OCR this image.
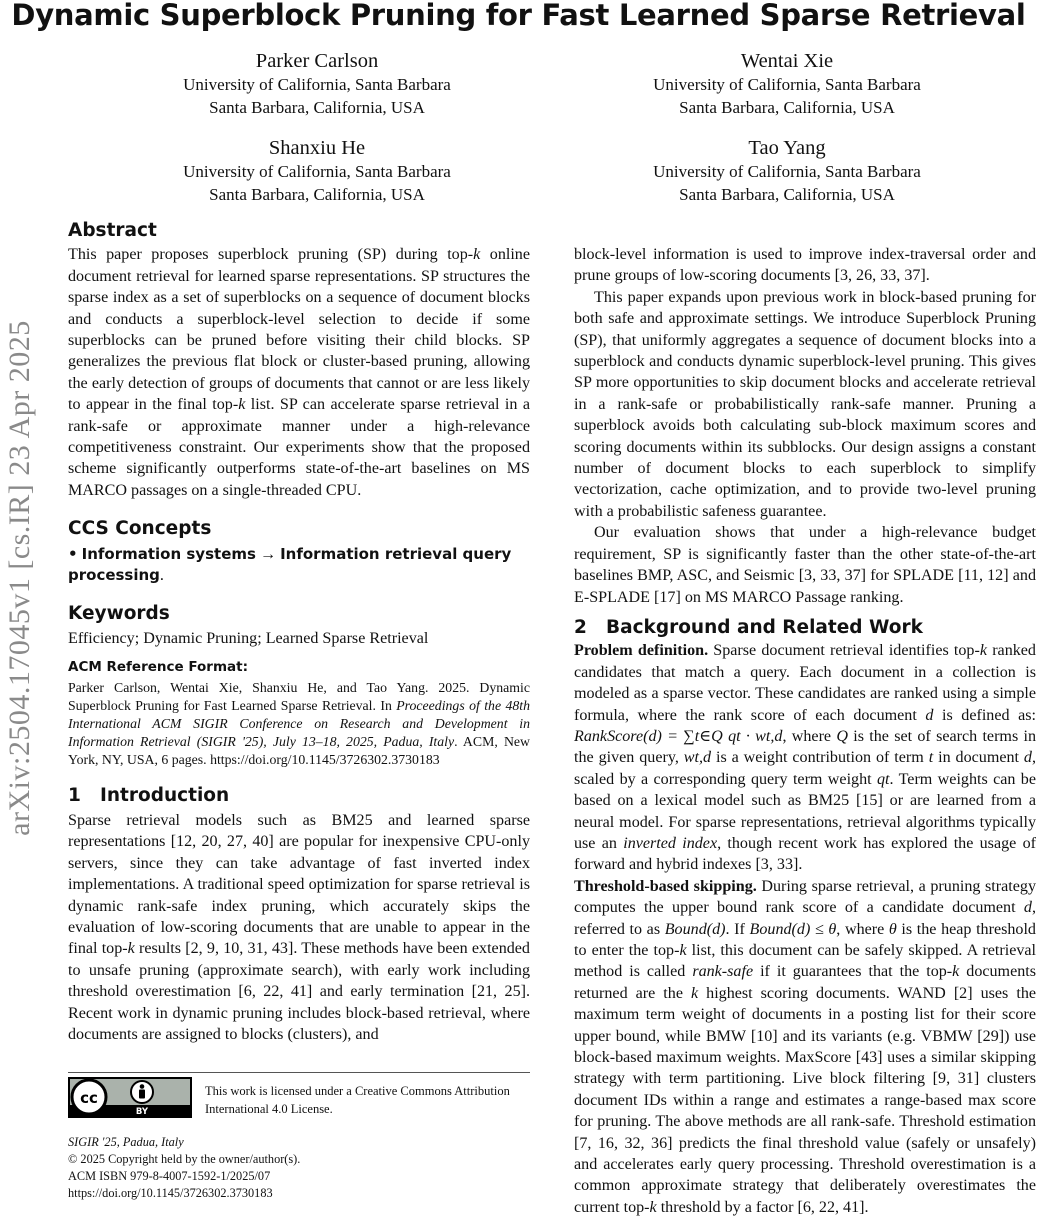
arXiv:2504.17045v1 [cs.IR] 23 Apr 2025
Dynamic Superblock Pruning for Fast Learned Sparse Retrieval
Parker Carlson
University of California, Santa Barbara
Santa Barbara, California, USA
Wentai Xie
University of California, Santa Barbara
Santa Barbara, California, USA
Shanxiu He
University of California, Santa Barbara
Santa Barbara, California, USA
Tao Yang
University of California, Santa Barbara
Santa Barbara, California, USA
Abstract

This paper proposes superblock pruning (SP) during top-k online document retrieval for learned sparse representations. SP structures the sparse index as a set of superblocks on a sequence of document blocks and conducts a superblock-level selection to decide if some superblocks can be pruned before visiting their child blocks. SP generalizes the previous flat block or cluster-based pruning, allowing the early detection of groups of documents that cannot or are less likely to appear in the final top-k list. SP can accelerate sparse retrieval in a rank-safe or approximate manner under a high-relevance competitiveness constraint. Our experiments show that the proposed scheme significantly outperforms state-of-the-art baselines on MS MARCO passages on a single-threaded CPU.

CCS Concepts

• Information systems → Information retrieval query processing.

Keywords

Efficiency; Dynamic Pruning; Learned Sparse Retrieval

ACM Reference Format:

Parker Carlson, Wentai Xie, Shanxiu He, and Tao Yang. 2025. Dynamic Superblock Pruning for Fast Learned Sparse Retrieval. In Proceedings of the 48th International ACM SIGIR Conference on Research and Development in Information Retrieval (SIGIR '25), July 13–18, 2025, Padua, Italy. ACM, New York, NY, USA, 6 pages. https://doi.org/10.1145/3726302.3730183

1 Introduction

Sparse retrieval models such as BM25 and learned sparse representations [12, 20, 27, 40] are popular for inexpensive CPU-only servers, since they can take advantage of fast inverted index implementations. A traditional speed optimization for sparse retrieval is dynamic rank-safe index pruning, which accurately skips the evaluation of low-scoring documents that are unable to appear in the final top-k results [2, 9, 10, 31, 43]. These methods have been extended to unsafe pruning (approximate search), with early work including threshold overestimation [6, 22, 41] and early termination [21, 25]. Recent work in dynamic pruning includes block-based retrieval, where documents are assigned to blocks (clusters), and

cc
BY
This work is licensed under a Creative Commons Attribution International 4.0 License.
SIGIR '25, Padua, Italy
© 2025 Copyright held by the owner/author(s).
ACM ISBN 979-8-4007-1592-1/2025/07
https://doi.org/10.1145/3726302.3730183

block-level information is used to improve index-traversal order and prune groups of low-scoring documents [3, 26, 33, 37].

This paper expands upon previous work in block-based pruning for both safe and approximate settings. We introduce Superblock Pruning (SP), that uniformly aggregates a sequence of document blocks into a superblock and conducts dynamic superblock-level pruning. This gives SP more opportunities to skip document blocks and accelerate retrieval in a rank-safe or probabilistically rank-safe manner. Pruning a superblock avoids both calculating sub-block maximum scores and scoring documents within its subblocks. Our design assigns a constant number of document blocks to each superblock to simplify vectorization, cache optimization, and to provide two-level pruning with a probabilistic safeness guarantee.

Our evaluation shows that under a high-relevance budget requirement, SP is significantly faster than the other state-of-the-art baselines BMP, ASC, and Seismic [3, 33, 37] for SPLADE [11, 12] and E-SPLADE [17] on MS MARCO Passage ranking.

2 Background and Related Work

Problem definition. Sparse document retrieval identifies top-k ranked candidates that match a query. Each document in a collection is modeled as a sparse vector. These candidates are ranked using a simple formula, where the rank score of each document d is defined as: RankScore(d) = ∑t∈Q qt · wt,d, where Q is the set of search terms in the given query, wt,d is a weight contribution of term t in document d, scaled by a corresponding query term weight qt. Term weights can be based on a lexical model such as BM25 [15] or are learned from a neural model. For sparse representations, retrieval algorithms typically use an inverted index, though recent work has explored the usage of forward and hybrid indexes [3, 33].

Threshold-based skipping. During sparse retrieval, a pruning strategy computes the upper bound rank score of a candidate document d, referred to as Bound(d). If Bound(d) ≤ θ, where θ is the heap threshold to enter the top-k list, this document can be safely skipped. A retrieval method is called rank-safe if it guarantees that the top-k documents returned are the k highest scoring documents. WAND [2] uses the maximum term weight of documents in a posting list for their score upper bound, while BMW [10] and its variants (e.g. VBMW [29]) use block-based maximum weights. MaxScore [43] uses a similar skipping strategy with term partitioning. Live block filtering [9, 31] clusters document IDs within a range and estimates a range-based max score for pruning. The above methods are all rank-safe. Threshold estimation [7, 16, 32, 36] predicts the final threshold value (safely or unsafely) and accelerates early query processing. Threshold overestimation is a common approximate strategy that deliberately overestimates the current top-k threshold by a factor [6, 22, 41].
